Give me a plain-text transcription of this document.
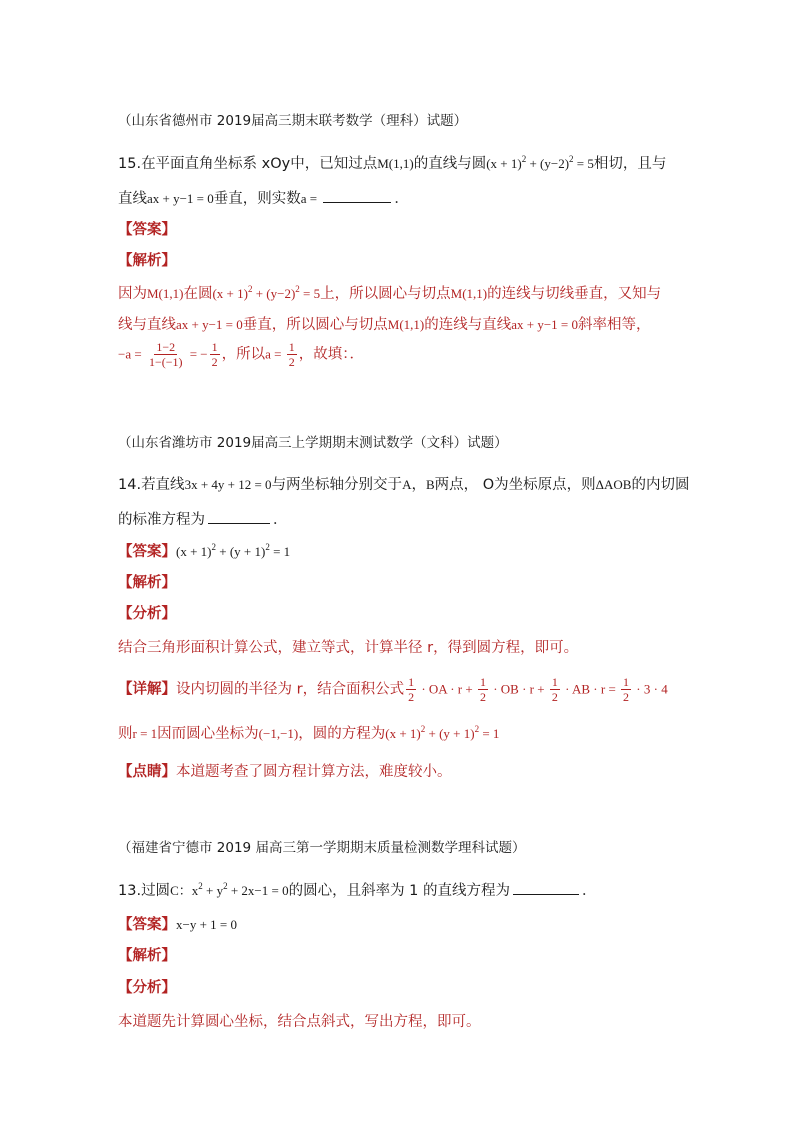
（山东省德州市 2019届高三期末联考数学（理科）试题）
15.在平面直角坐标系 xOy中，已知过点M(1,1)的直线与圆$(x + 1)^2 + (y-2)^2 = 5$相切，且与
直线ax + y−1 = 0垂直，则实数a =	．
【答案】
【解析】
因为M(1,1)在圆$(x + 1)^2 + (y-2)^2 = 5$上，所以圆心与切点M(1,1)的连线与切线垂直，又知与
线与直线ax + y−1 = 0垂直，所以圆心与切点M(1,1)的连线与直线ax + y−1 = 0斜率相等，
$-a = \frac{1-2}{1-(-1)}$ = − $\frac{1}{2}$ ，所以$a = \frac{1}{2}$ ，故填：．
（山东省潍坊市 2019届高三上学期期末测试数学（文科）试题）
14.若直线3x + 4y + 12 = 0与两坐标轴分别交于A，B两点， O为坐标原点，则ΔAOB的内切圆
的标准方程为	．
【答案】$(x + 1)^2 + (y + 1)^2 = 1$
【解析】
【分析】
结合三角形面积计算公式，建立等式，计算半径 r，得到圆方程，即可。
【详解】设内切圆的半径为 r，结合面积公式 $\frac{1}{2}$ · OA · $r + \frac{1}{2}$ · OB · $r + \frac{1}{2}$ · AB · $r = \frac{1}{2} \cdot 3 \cdot 4$
则r = 1因而圆心坐标为(−1,−1)，圆的方程为$(x + 1)^2 + (y + 1)^2 = 1$
【点睛】本道题考查了圆方程计算方法，难度较小。
（福建省宁德市 2019 届高三第一学期期末质量检测数学理科试题）
13.过圆C：$x^2 + y^2 + 2x-1 = 0$的圆心，且斜率为 1 的直线方程为	．
【答案】x−y + 1 = 0
【解析】
【分析】
本道题先计算圆心坐标，结合点斜式，写出方程，即可。
